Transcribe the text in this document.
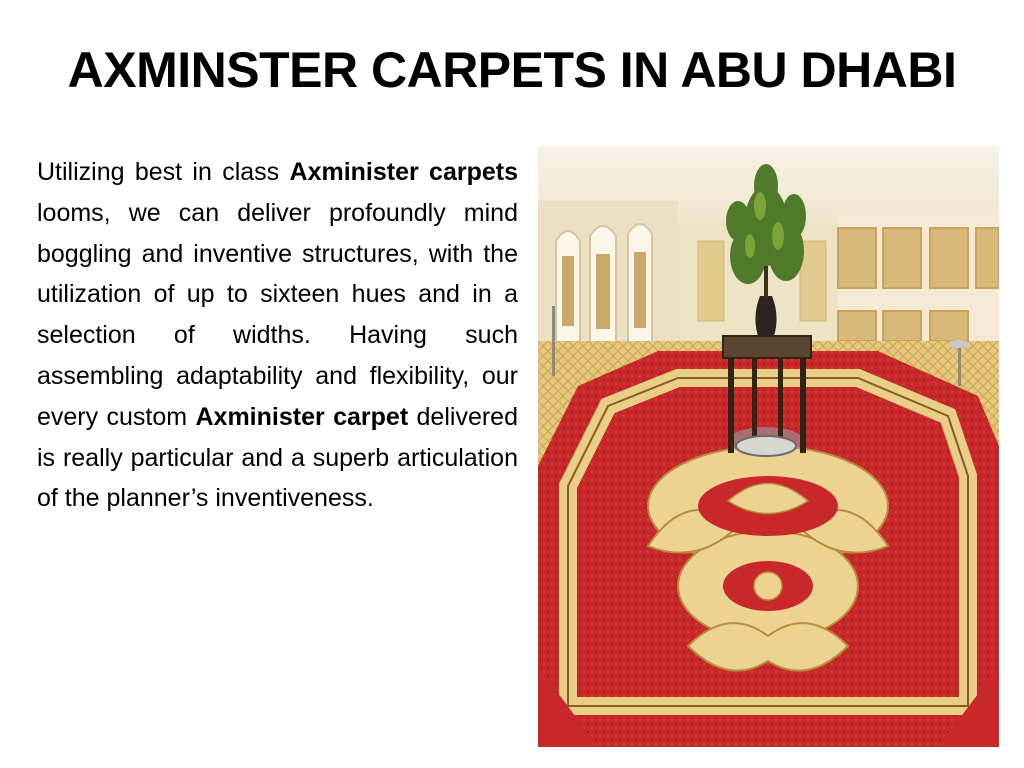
AXMINSTER CARPETS IN ABU DHABI

Utilizing best in class Axminister carpets looms, we can deliver profoundly mind boggling and inventive structures, with the utilization of up to sixteen hues and in a selection of widths. Having such assembling adaptability and flexibility, our every custom Axminister carpet delivered is really particular and a superb articulation of the planner’s inventiveness.
